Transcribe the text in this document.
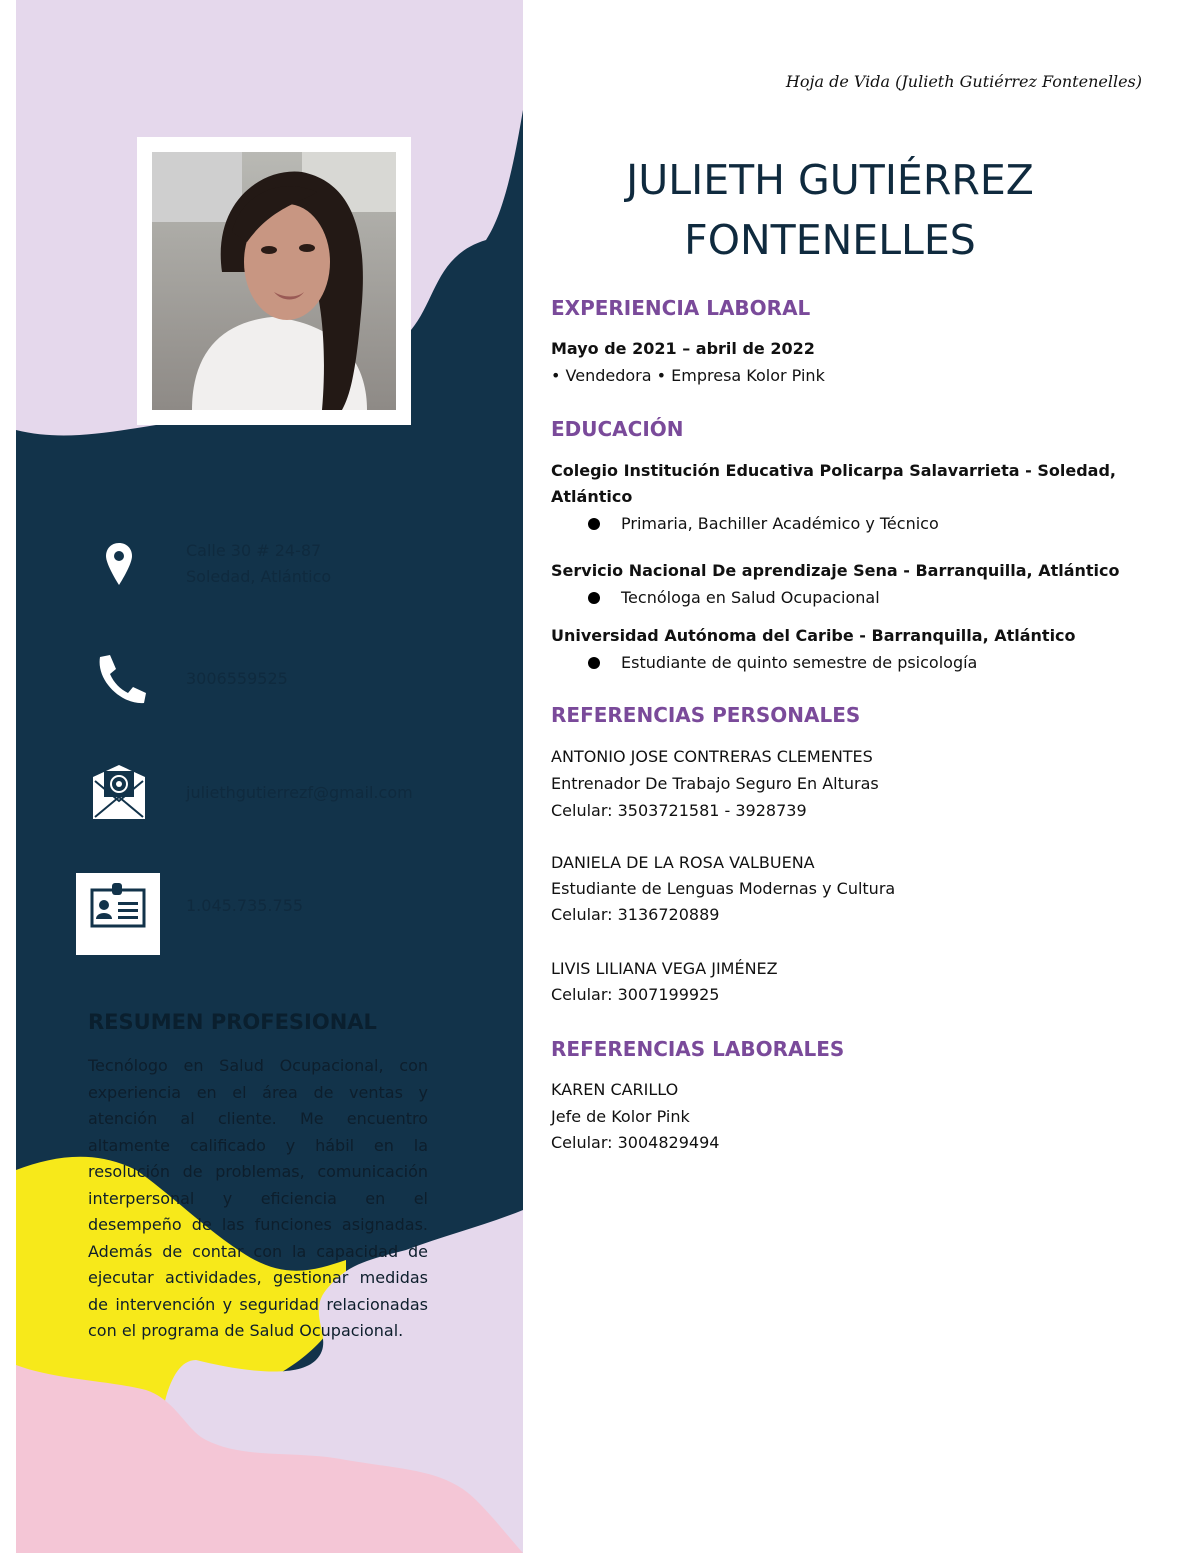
Calle 30 # 24-87
Soledad, Atlántico
3006559525
juliethgutierrezf@gmail.com
1.045.735.755
RESUMEN PROFESIONAL
Tecnólogo en Salud Ocupacional, con experiencia en el área de ventas y atención al cliente. Me encuentro altamente calificado y hábil en la resolución de problemas, comunicación interpersonal y eficiencia en el desempeño de las funciones asignadas. Además de contar con la capacidad de ejecutar actividades, gestionar medidas de intervención y seguridad relacionadas con el programa de Salud Ocupacional.
Hoja de Vida (Julieth Gutiérrez Fontenelles)
JULIETH GUTIÉRREZ
FONTENELLES
EXPERIENCIA LABORAL
Mayo de 2021 – abril de 2022
• Vendedora • Empresa Kolor Pink
EDUCACIÓN
Colegio Institución Educativa Policarpa Salavarrieta - Soledad,
Atlántico
Primaria, Bachiller Académico y Técnico
Servicio Nacional De aprendizaje Sena - Barranquilla, Atlántico
Tecnóloga en Salud Ocupacional
Universidad Autónoma del Caribe - Barranquilla, Atlántico
Estudiante de quinto semestre de psicología
REFERENCIAS PERSONALES
ANTONIO JOSE CONTRERAS CLEMENTES
Entrenador De Trabajo Seguro En Alturas
Celular: 3503721581 - 3928739
DANIELA DE LA ROSA VALBUENA
Estudiante de Lenguas Modernas y Cultura
Celular: 3136720889
LIVIS LILIANA VEGA JIMÉNEZ
Celular: 3007199925
REFERENCIAS LABORALES
KAREN CARILLO
Jefe de Kolor Pink
Celular: 3004829494
